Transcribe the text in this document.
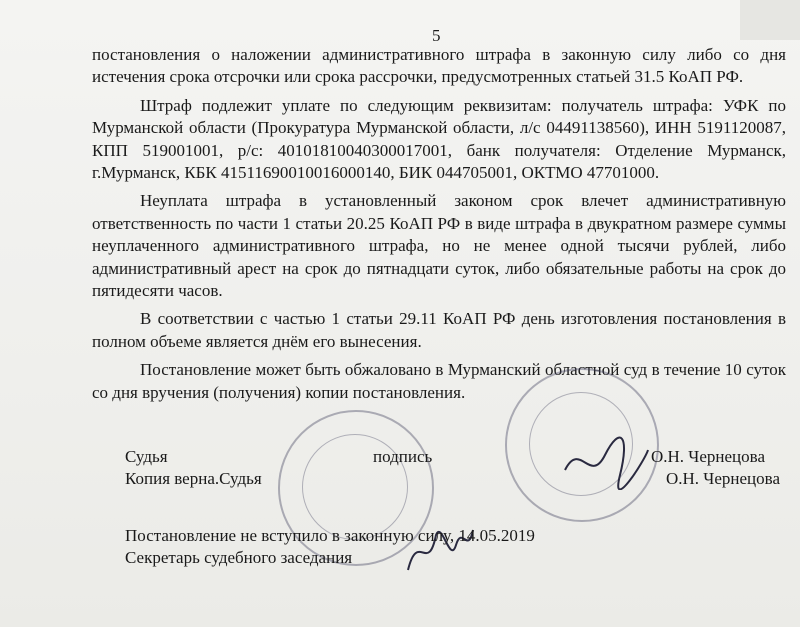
5

постановления о наложении административного штрафа в законную силу либо со дня истечения срока отсрочки или срока рассрочки, предусмотренных статьей 31.5 КоАП РФ.

Штраф подлежит уплате по следующим реквизитам: получатель штрафа: УФК по Мурманской области (Прокуратура Мурманской области, л/с 04491138560), ИНН 5191120087, КПП 519001001, р/с: 40101810040300017001, банк получателя: Отделение Мурманск, г.Мурманск, КБК 41511690010016000140, БИК 044705001, ОКТМО 47701000.

Неуплата штрафа в установленный законом срок влечет административную ответственность по части 1 статьи 20.25 КоАП РФ в виде штрафа в двукратном размере суммы неуплаченного административного штрафа, но не менее одной тысячи рублей, либо административный арест на срок до пятнадцати суток, либо обязательные работы на срок до пятидесяти часов.

В соответствии с частью 1 статьи 29.11 КоАП РФ день изготовления постановления в полном объеме является днём его вынесения.

Постановление может быть обжаловано в Мурманский областной суд в течение 10 суток со дня вручения (получения) копии постановления.

Судья	подпись	О.Н. Чернецова
Копия верна.Судья	О.Н. Чернецова
Постановление не вступило в законную силу, 14.05.2019
Секретарь судебного заседания
